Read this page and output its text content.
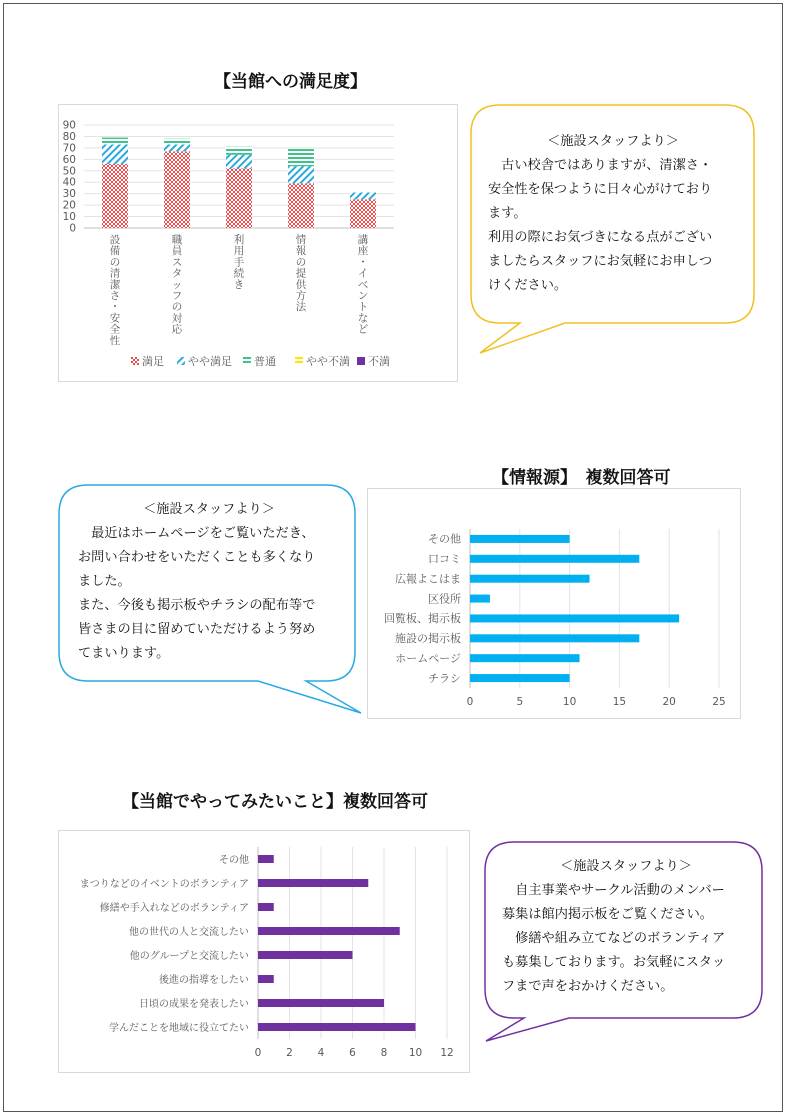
【当館への満足度】
0
10
20
30
40
50
60
70
80
90
設備の清潔さ・安全性
職員スタッフの対応
利用手続き
情報の提供方法
講座・イベントなど
満足 やや満足 普通	やや不満 不満
＜施設スタッフより＞
　古い校舎ではありますが、清潔さ・
安全性を保つように日々心がけており
ます。
利用の際にお気づきになる点がござい
ましたらスタッフにお気軽にお申しつ
けください。
【情報源】　複数回答可
＜施設スタッフより＞
　最近はホームページをご覧いただき、
お問い合わせをいただくことも多くなり
ました。
また、今後も掲示板やチラシの配布等で
皆さまの目に留めていただけるよう努め
てまいります。
0	5	10	15	20	25
その他
口コミ
広報よこはま
区役所
回覧板、掲示板
施設の掲示板
ホームページ
チラシ
【当館でやってみたいこと】複数回答可
0 2 4 6 8 10 12
その他
まつりなどのイベントのボランティア
修繕や手入れなどのボランティア
他の世代の人と交流したい
他のグループと交流したい
後進の指導をしたい
日頃の成果を発表したい
学んだことを地域に役立てたい
＜施設スタッフより＞
　自主事業やサークル活動のメンバー
募集は館内掲示板をご覧ください。
　修繕や組み立てなどのボランティア
も募集しております。お気軽にスタッ
フまで声をおかけください。
